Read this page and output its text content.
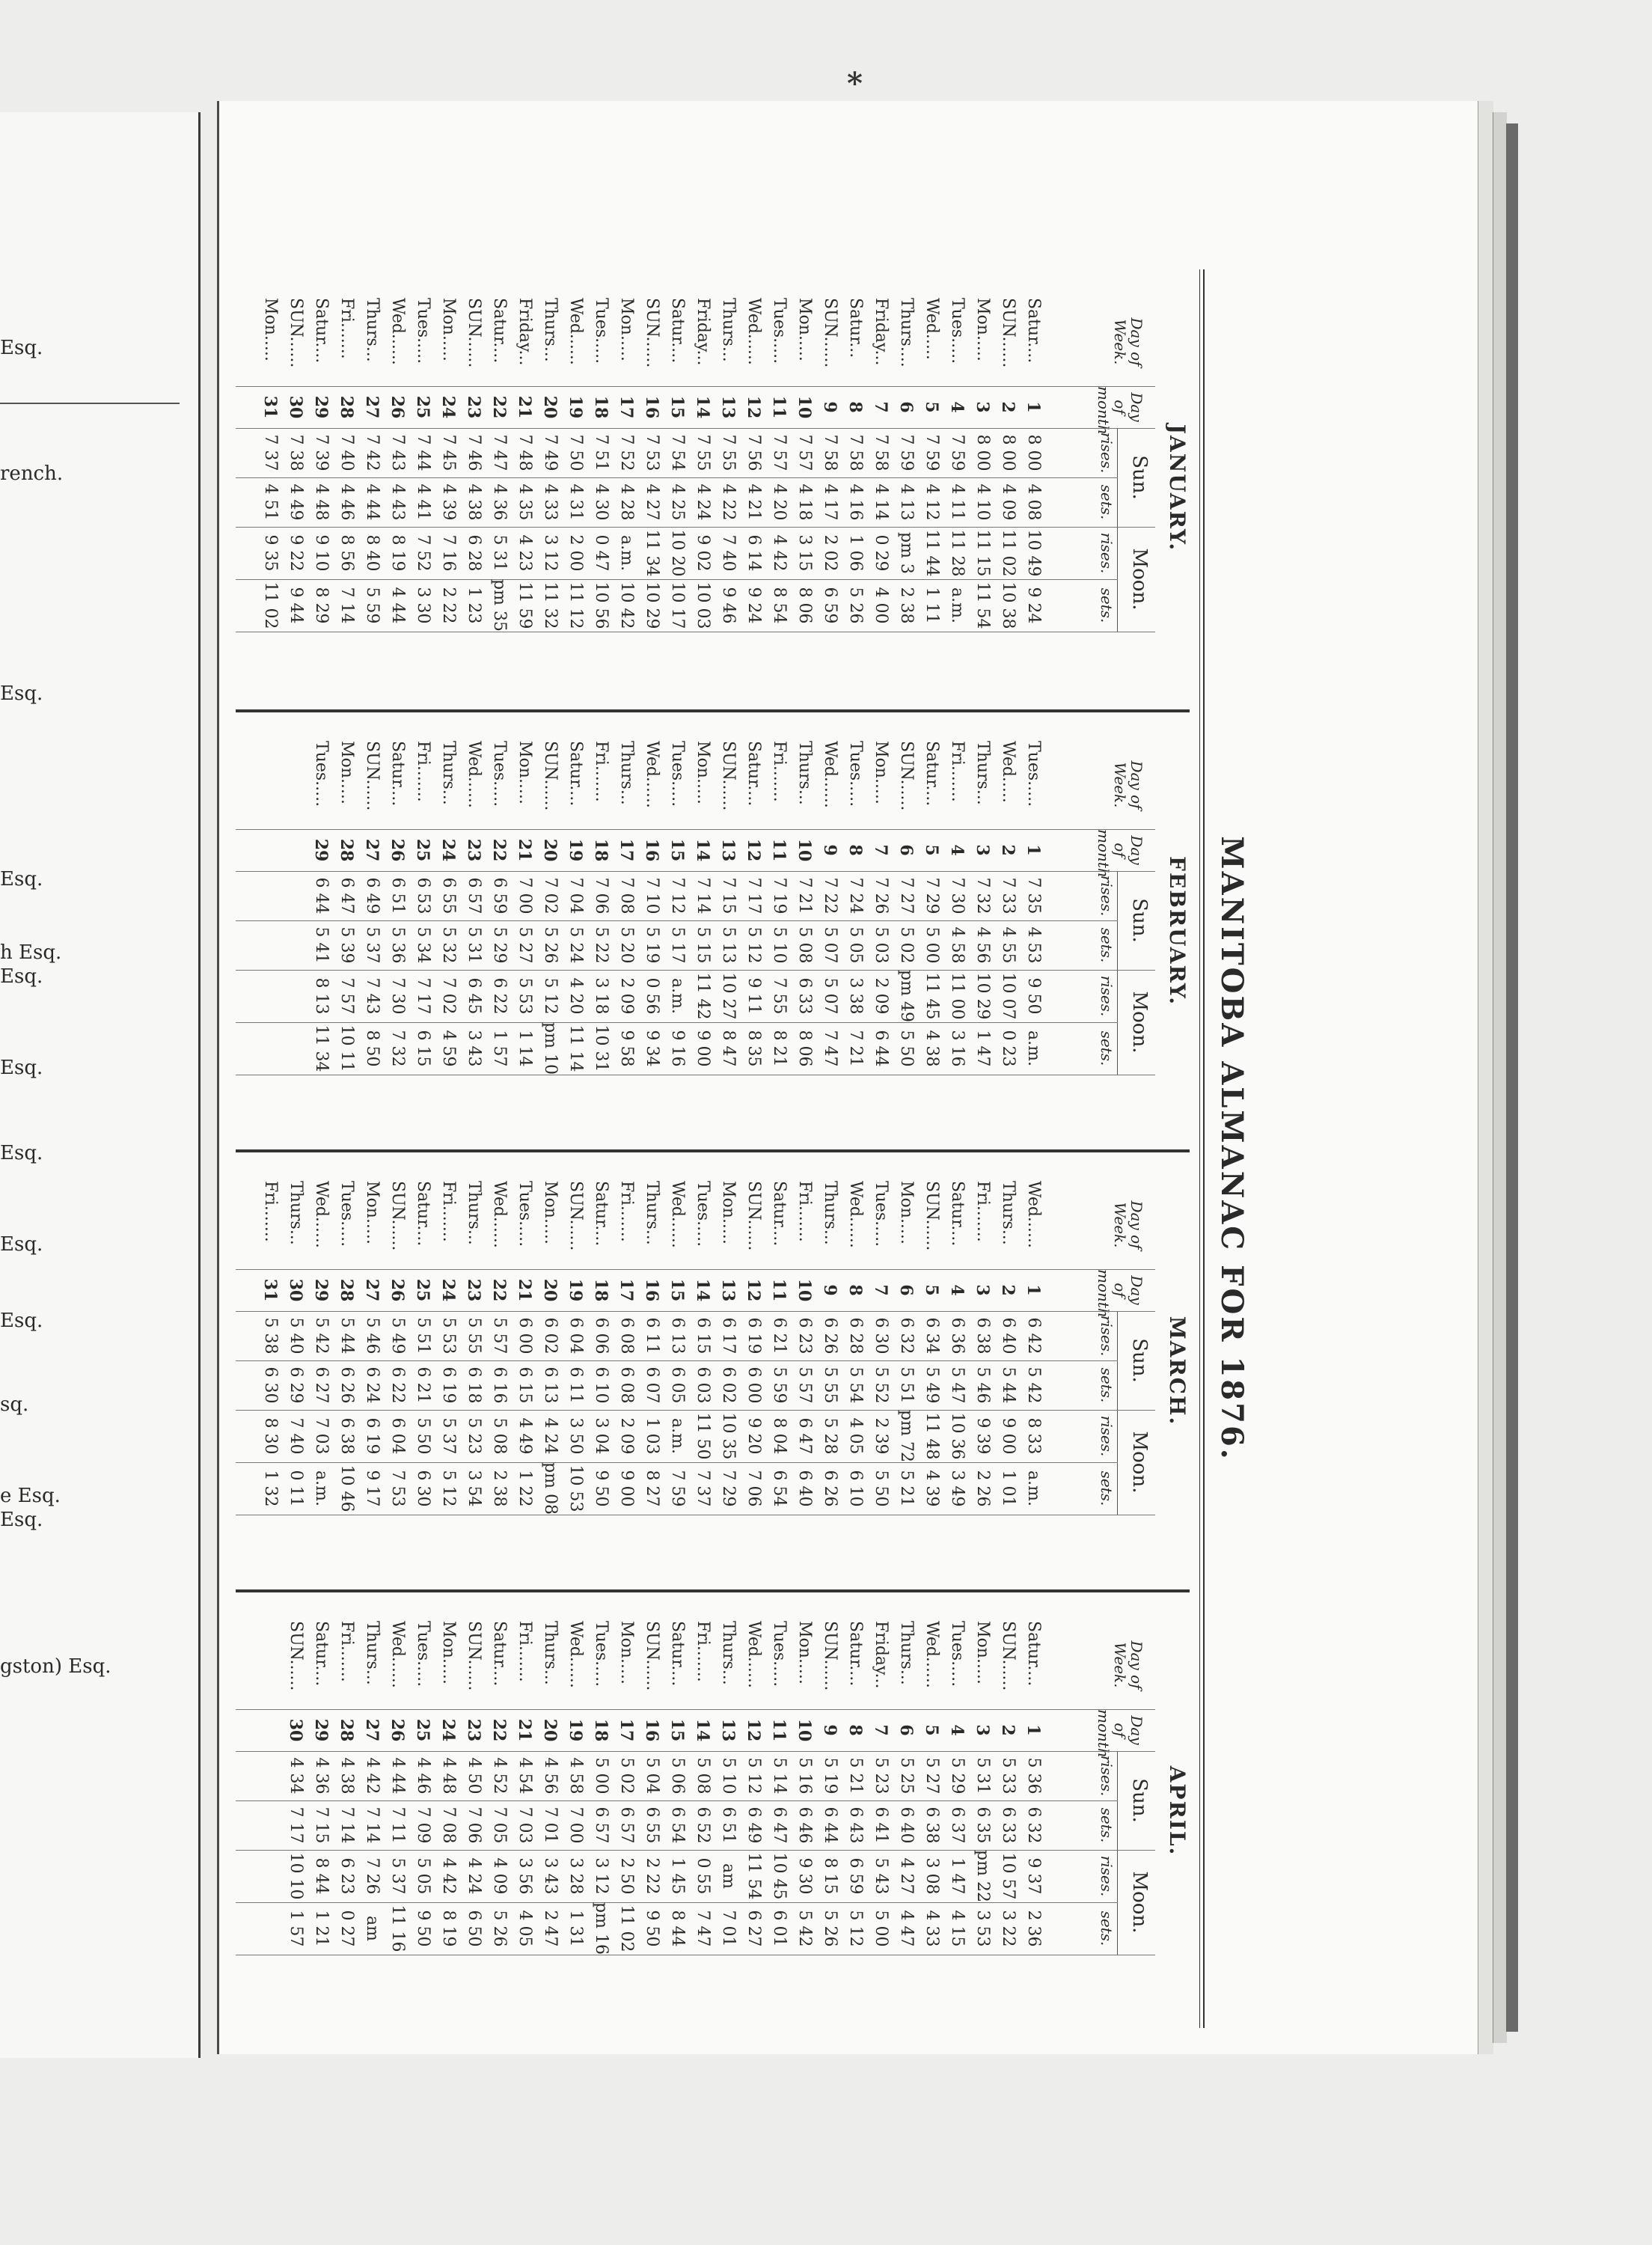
Esq.
rench.
Esq.
Esq.
h Esq.
Esq.
Esq.
Esq.
Esq.
Esq.
sq.
e Esq.
Esq.
gston) Esq.
*
MANITOBA ALMANAC FOR 1876.
JANUARY.
Day of Week.
Day of month
Sun.
Moon.
rises.
sets.
rises.
sets.
Satur....
1
8 00
4 08
10 49
9 24
SUN......
2
8 00
4 09
11 02
10 38
Mon.....
3
8 00
4 10
11 15
11 54
Tues.....
4
7 59
4 11
11 28
a.m.
Wed.....
5
7 59
4 12
11 44
1 11
Thurs....
6
7 59
4 13
pm 3
2 38
Friday...
7
7 58
4 14
0 29
4 00
Satur...
8
7 58
4 16
1 06
5 26
SUN......
9
7 58
4 17
2 02
6 59
Mon.....
10
7 57
4 18
3 15
8 06
Tues.....
11
7 57
4 20
4 42
8 54
Wed......
12
7 56
4 21
6 14
9 24
Thurs...
13
7 55
4 22
7 40
9 46
Friday...
14
7 55
4 24
9 02
10 03
Satur....
15
7 54
4 25
10 20
10 17
SUN......
16
7 53
4 27
11 34
10 29
Mon.....
17
7 52
4 28
a.m.
10 42
Tues.....
18
7 51
4 30
0 47
10 56
Wed......
19
7 50
4 31
2 00
11 12
Thurs...
20
7 49
4 33
3 12
11 32
Friday...
21
7 48
4 35
4 23
11 59
Satur....
22
7 47
4 36
5 31
pm 35
SUN......
23
7 46
4 38
6 28
1 23
Mon.....
24
7 45
4 39
7 16
2 22
Tues.....
25
7 44
4 41
7 52
3 30
Wed......
26
7 43
4 43
8 19
4 44
Thurs...
27
7 42
4 44
8 40
5 59
Fri.......
28
7 40
4 46
8 56
7 14
Satur....
29
7 39
4 48
9 10
8 29
SUN......
30
7 38
4 49
9 22
9 44
Mon.....
31
7 37
4 51
9 35
11 02
FEBRUARY.
Day of Week.
Day of month
Sun.
Moon.
rises.
sets.
rises.
sets.
Tues.....
1
7 35
4 53
9 50
a.m.
Wed.....
2
7 33
4 55
10 07
0 23
Thurs...
3
7 32
4 56
10 29
1 47
Fri.......
4
7 30
4 58
11 00
3 16
Satur....
5
7 29
5 00
11 45
4 38
SUN......
6
7 27
5 02
pm 49
5 50
Mon.....
7
7 26
5 03
2 09
6 44
Tues.....
8
7 24
5 05
3 38
7 21
Wed......
9
7 22
5 07
5 07
7 47
Thurs...
10
7 21
5 08
6 33
8 06
Fri.......
11
7 19
5 10
7 55
8 21
Satur....
12
7 17
5 12
9 11
8 35
SUN......
13
7 15
5 13
10 27
8 47
Mon.....
14
7 14
5 15
11 42
9 00
Tues.....
15
7 12
5 17
a.m.
9 16
Wed......
16
7 10
5 19
0 56
9 34
Thurs...
17
7 08
5 20
2 09
9 58
Fri.......
18
7 06
5 22
3 18
10 31
Satur....
19
7 04
5 24
4 20
11 14
SUN......
20
7 02
5 26
5 12
pm 10
Mon.....
21
7 00
5 27
5 53
1 14
Tues.....
22
6 59
5 29
6 22
1 57
Wed......
23
6 57
5 31
6 45
3 43
Thurs...
24
6 55
5 32
7 02
4 59
Fri.......
25
6 53
5 34
7 17
6 15
Satur....
26
6 51
5 36
7 30
7 32
SUN......
27
6 49
5 37
7 43
8 50
Mon.....
28
6 47
5 39
7 57
10 11
Tues.....
29
6 44
5 41
8 13
11 34
MARCH.
Day of Week.
Day of month
Sun.
Moon.
rises.
sets.
rises.
sets.
Wed......
1
6 42
5 42
8 33
a.m.
Thurs...
2
6 40
5 44
9 00
1 01
Fri.......
3
6 38
5 46
9 39
2 26
Satur....
4
6 36
5 47
10 36
3 49
SUN......
5
6 34
5 49
11 48
4 39
Mon.....
6
6 32
5 51
pm 72
5 21
Tues.....
7
6 30
5 52
2 39
5 50
Wed......
8
6 28
5 54
4 05
6 10
Thurs...
9
6 26
5 55
5 28
6 26
Fri.......
10
6 23
5 57
6 47
6 40
Satur....
11
6 21
5 59
8 04
6 54
SUN......
12
6 19
6 00
9 20
7 06
Mon.....
13
6 17
6 02
10 35
7 29
Tues.....
14
6 15
6 03
11 50
7 37
Wed......
15
6 13
6 05
a.m.
7 59
Thurs...
16
6 11
6 07
1 03
8 27
Fri.......
17
6 08
6 08
2 09
9 00
Satur....
18
6 06
6 10
3 04
9 50
SUN......
19
6 04
6 11
3 50
10 53
Mon.....
20
6 02
6 13
4 24
pm 08
Tues.....
21
6 00
6 15
4 49
1 22
Wed......
22
5 57
6 16
5 08
2 38
Thurs...
23
5 55
6 18
5 23
3 54
Fri.......
24
5 53
6 19
5 37
5 12
Satur....
25
5 51
6 21
5 50
6 30
SUN......
26
5 49
6 22
6 04
7 53
Mon.....
27
5 46
6 24
6 19
9 17
Tues.....
28
5 44
6 26
6 38
10 46
Wed......
29
5 42
6 27
7 03
a.m.
Thurs...
30
5 40
6 29
7 40
0 11
Fri.......
31
5 38
6 30
8 30
1 32
APRIL.
Day of Week.
Day of month
Sun.
Moon.
rises.
sets.
rises.
sets.
Satur....
1
5 36
6 32
9 37
2 36
SUN......
2
5 33
6 33
10 57
3 22
Mon.....
3
5 31
6 35
pm 22
3 53
Tues.....
4
5 29
6 37
1 47
4 15
Wed......
5
5 27
6 38
3 08
4 33
Thurs...
6
5 25
6 40
4 27
4 47
Friday...
7
5 23
6 41
5 43
5 00
Satur....
8
5 21
6 43
6 59
5 12
SUN......
9
5 19
6 44
8 15
5 26
Mon.....
10
5 16
6 46
9 30
5 42
Tues.....
11
5 14
6 47
10 45
6 01
Wed......
12
5 12
6 49
11 54
6 27
Thurs...
13
5 10
6 51
am
7 01
Fri.......
14
5 08
6 52
0 55
7 47
Satur....
15
5 06
6 54
1 45
8 44
SUN......
16
5 04
6 55
2 22
9 50
Mon.....
17
5 02
6 57
2 50
11 02
Tues.....
18
5 00
6 57
3 12
pm 16
Wed......
19
4 58
7 00
3 28
1 31
Thurs...
20
4 56
7 01
3 43
2 47
Fri.......
21
4 54
7 03
3 56
4 05
Satur....
22
4 52
7 05
4 09
5 26
SUN......
23
4 50
7 06
4 24
6 50
Mon.....
24
4 48
7 08
4 42
8 19
Tues.....
25
4 46
7 09
5 05
9 50
Wed......
26
4 44
7 11
5 37
11 16
Thurs...
27
4 42
7 14
7 26
am
Fri.......
28
4 38
7 14
6 23
0 27
Satur....
29
4 36
7 15
8 44
1 21
SUN......
30
4 34
7 17
10 10
1 57
